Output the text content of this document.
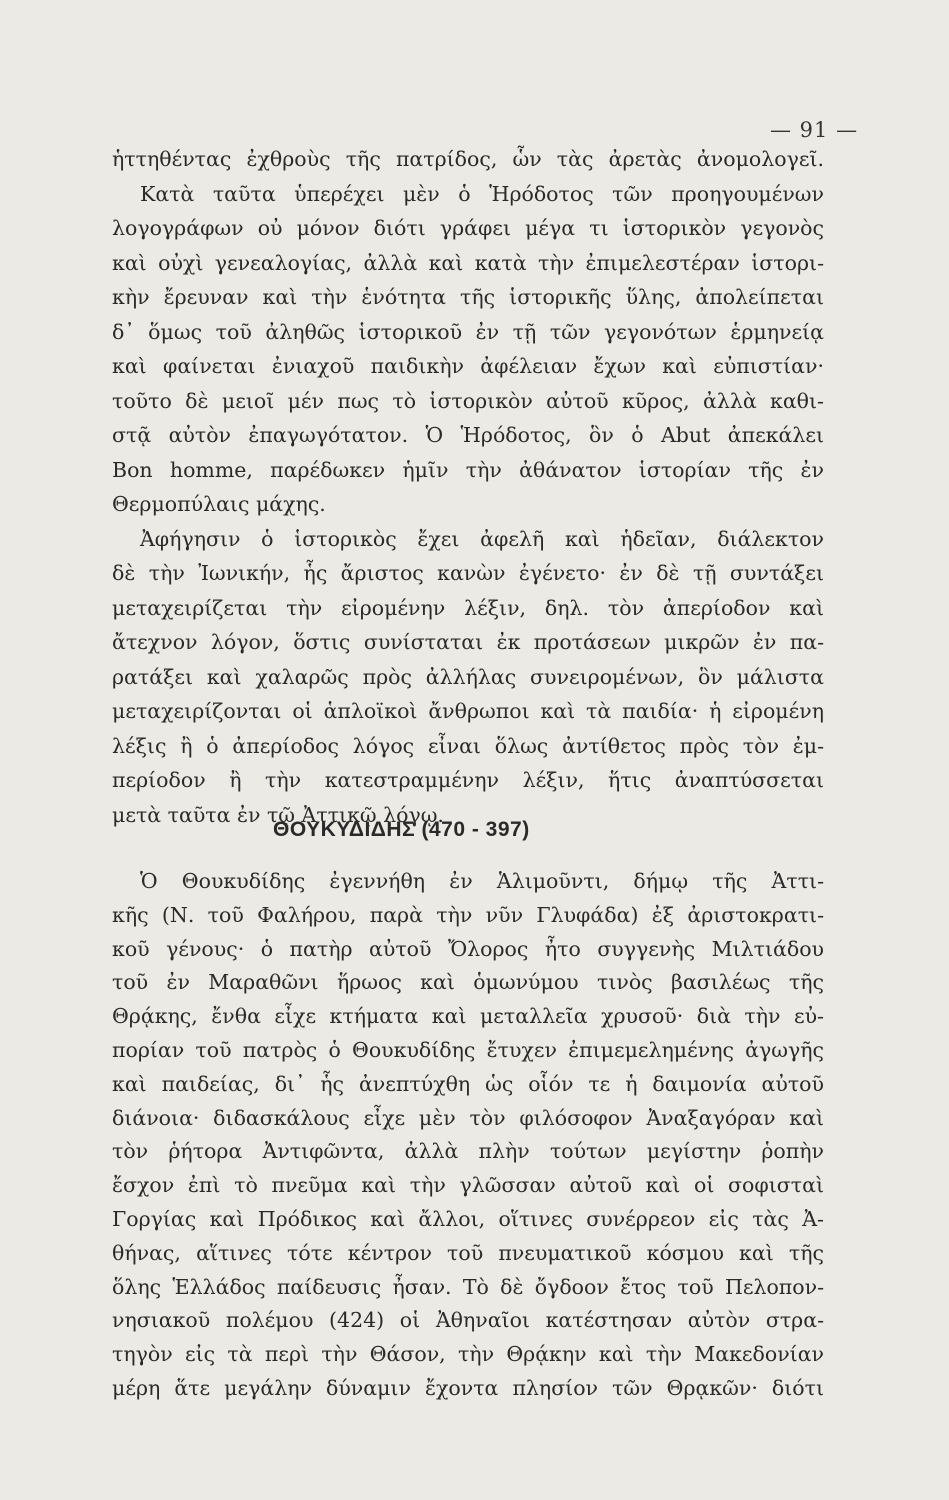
— 91 —
ἡττηθέντας ἐχθροὺς τῆς πατρίδος, ὧν τὰς ἀρετὰς ἀνομολογεῖ.
Κατὰ ταῦτα ὑπερέχει μὲν ὁ Ἡρόδοτος τῶν προηγουμένων
λογογράφων οὐ μόνον διότι γράφει μέγα τι ἱστορικὸν γεγονὸς
καὶ οὐχὶ γενεαλογίας, ἀλλὰ καὶ κατὰ τὴν ἐπιμελεστέραν ἱστορι-
κὴν ἔρευναν καὶ τὴν ἑνότητα τῆς ἱστορικῆς ὕλης, ἀπολείπεται
δ᾽ ὅμως τοῦ ἀληθῶς ἱστορικοῦ ἐν τῇ τῶν γεγονότων ἑρμηνείᾳ
καὶ φαίνεται ἐνιαχοῦ παιδικὴν ἀφέλειαν ἔχων καὶ εὐπιστίαν·
τοῦτο δὲ μειοῖ μέν πως τὸ ἱστορικὸν αὐτοῦ κῦρος, ἀλλὰ καθι-
στᾷ αὐτὸν ἐπαγωγότατον. Ὁ Ἡρόδοτος, ὃν ὁ Abut ἀπεκάλει
Bon homme, παρέδωκεν ἡμῖν τὴν ἀθάνατον ἱστορίαν τῆς ἐν
Θερμοπύλαις μάχης.
Ἀφήγησιν ὁ ἱστορικὸς ἔχει ἀφελῆ καὶ ἡδεῖαν, διάλεκτον
δὲ τὴν Ἰωνικήν, ἧς ἄριστος κανὼν ἐγένετο· ἐν δὲ τῇ συντάξει
μεταχειρίζεται τὴν εἰρομένην λέξιν, δηλ. τὸν ἀπερίοδον καὶ
ἄτεχνον λόγον, ὅστις συνίσταται ἐκ προτάσεων μικρῶν ἐν πα-
ρατάξει καὶ χαλαρῶς πρὸς ἀλλήλας συνειρομένων, ὃν μάλιστα
μεταχειρίζονται οἱ ἁπλοϊκοὶ ἄνθρωποι καὶ τὰ παιδία· ἡ εἰρομένη
λέξις ἢ ὁ ἀπερίοδος λόγος εἶναι ὅλως ἀντίθετος πρὸς τὸν ἐμ-
περίοδον ἢ τὴν κατεστραμμένην λέξιν, ἥτις ἀναπτύσσεται
μετὰ ταῦτα ἐν τῷ Ἀττικῷ λόγῳ.
ΘΟΥΚΥΔΙΔΗΣ (470 - 397)
Ὁ Θουκυδίδης ἐγεννήθη ἐν Ἁλιμοῦντι, δήμῳ τῆς Ἀττι-
κῆς (Ν. τοῦ Φαλήρου, παρὰ τὴν νῦν Γλυφάδα) ἐξ ἀριστοκρατι-
κοῦ γένους· ὁ πατὴρ αὐτοῦ Ὄλορος ἦτο συγγενὴς Μιλτιάδου
τοῦ ἐν Μαραθῶνι ἥρωος καὶ ὁμωνύμου τινὸς βασιλέως τῆς
Θρᾴκης, ἔνθα εἶχε κτήματα καὶ μεταλλεῖα χρυσοῦ· διὰ τὴν εὐ-
πορίαν τοῦ πατρὸς ὁ Θουκυδίδης ἔτυχεν ἐπιμεμελημένης ἀγωγῆς
καὶ παιδείας, δι᾽ ἧς ἀνεπτύχθη ὡς οἷόν τε ἡ δαιμονία αὐτοῦ
διάνοια· διδασκάλους εἶχε μὲν τὸν φιλόσοφον Ἀναξαγόραν καὶ
τὸν ῥήτορα Ἀντιφῶντα, ἀλλὰ πλὴν τούτων μεγίστην ῥοπὴν
ἔσχον ἐπὶ τὸ πνεῦμα καὶ τὴν γλῶσσαν αὐτοῦ καὶ οἱ σοφισταὶ
Γοργίας καὶ Πρόδικος καὶ ἄλλοι, οἵτινες συνέρρεον εἰς τὰς Ἀ-
θήνας, αἵτινες τότε κέντρον τοῦ πνευματικοῦ κόσμου καὶ τῆς
ὅλης Ἑλλάδος παίδευσις ἦσαν. Τὸ δὲ ὄγδοον ἔτος τοῦ Πελοπον-
νησιακοῦ πολέμου (424) οἱ Ἀθηναῖοι κατέστησαν αὐτὸν στρα-
τηγὸν εἰς τὰ περὶ τὴν Θάσον, τὴν Θρᾴκην καὶ τὴν Μακεδονίαν
μέρη ἅτε μεγάλην δύναμιν ἔχοντα πλησίον τῶν Θρᾳκῶν· διότι
